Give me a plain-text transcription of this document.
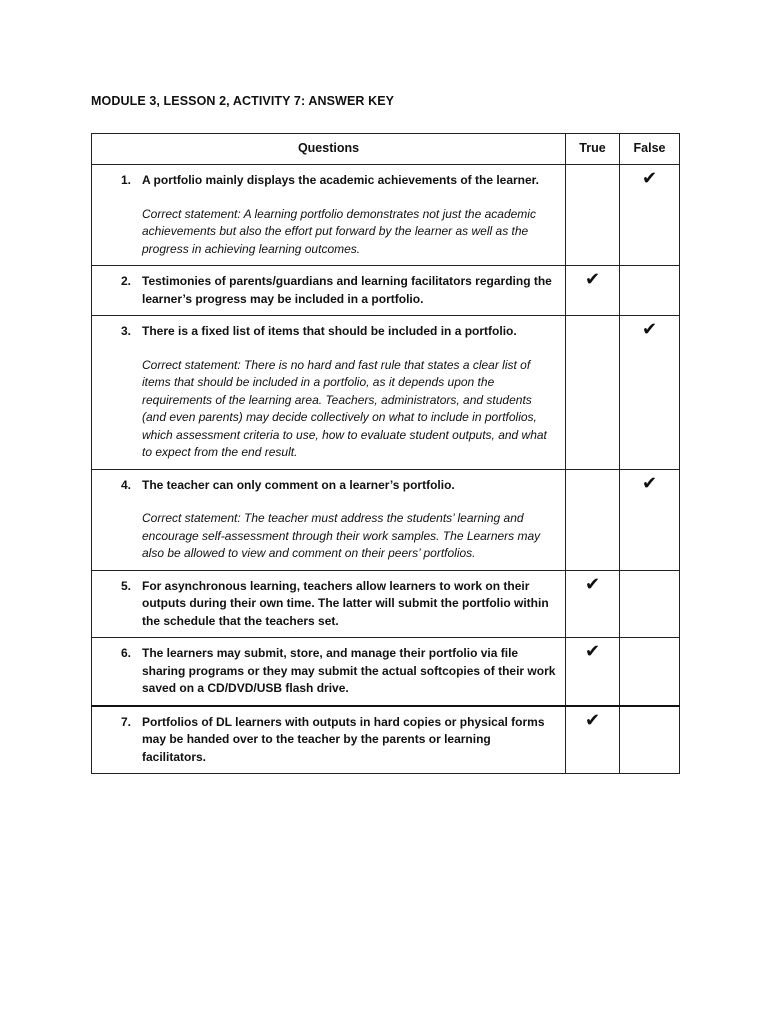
MODULE 3, LESSON 2, ACTIVITY 7: ANSWER KEY
Questions	True	False

1. A portfolio mainly displays the academic achievements of the learner.
Correct statement: A learning portfolio demonstrates not just the academic achievements but also the effort put forward by the learner as well as the progress in achieving learning outcomes.		✔

2. Testimonies of parents/guardians and learning facilitators regarding the learner’s progress may be included in a portfolio.	✔	

3. There is a fixed list of items that should be included in a portfolio.
Correct statement: There is no hard and fast rule that states a clear list of items that should be included in a portfolio, as it depends upon the requirements of the learning area. Teachers, administrators, and students (and even parents) may decide collectively on what to include in portfolios, which assessment criteria to use, how to evaluate student outputs, and what to expect from the end result.		✔

4. The teacher can only comment on a learner’s portfolio.
Correct statement: The teacher must address the students’ learning and encourage self-assessment through their work samples. The Learners may also be allowed to view and comment on their peers’ portfolios.		✔

5. For asynchronous learning, teachers allow learners to work on their outputs during their own time. The latter will submit the portfolio within the schedule that the teachers set.	✔	

6. The learners may submit, store, and manage their portfolio via file sharing programs or they may submit the actual softcopies of their work saved on a CD/DVD/USB flash drive.	✔	

7. Portfolios of DL learners with outputs in hard copies or physical forms may be handed over to the teacher by the parents or learning facilitators.	✔	
